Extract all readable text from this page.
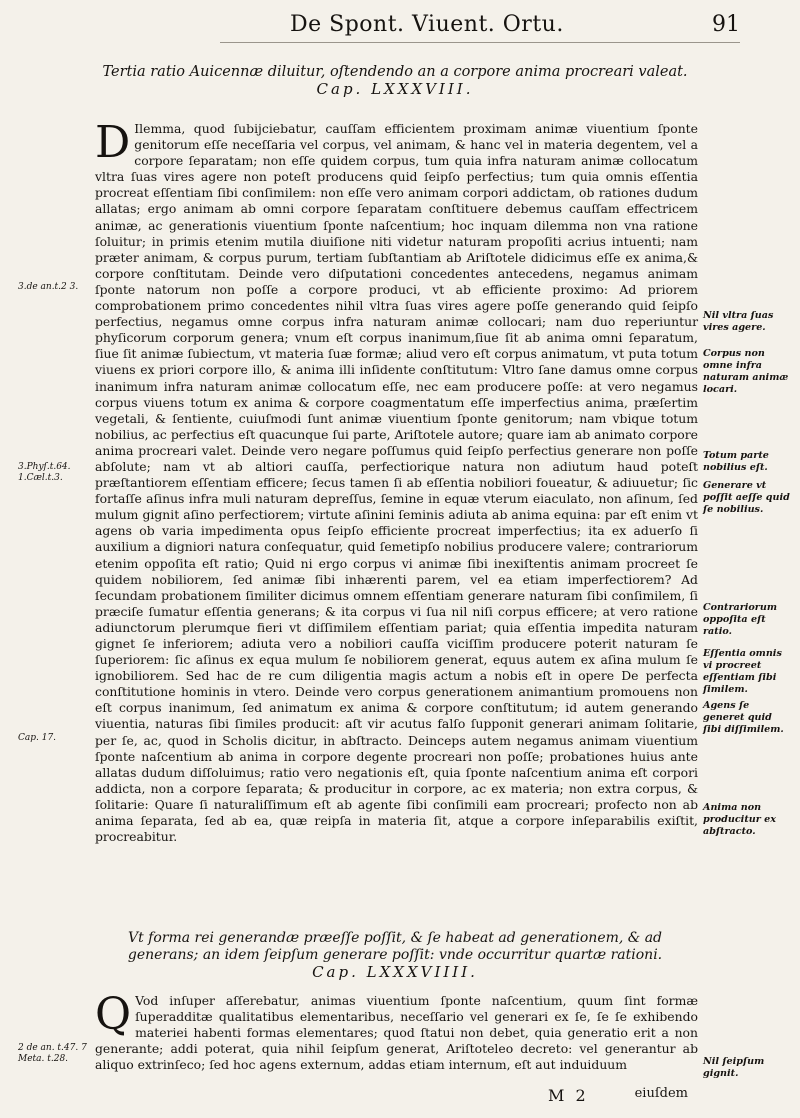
De Spont. Viuent. Ortu.	91
Tertia ratio Auicennæ diluitur, oſtendendo an a corpore anima procreari valeat.
Cap. LXXXVIII.

D Ilemma, quod ſubijciebatur, cauſſam efficientem proximam animæ viuentium ſponte genitorum eſſe neceſſaria vel corpus, vel animam, & hanc vel in materia degentem, vel a corpore ſeparatam; non eſſe quidem corpus, tum quia infra naturam animæ collocatum vltra ſuas vires agere non poteſt producens quid ſeipſo perfectius; tum quia omnis eſſentia procreat eſſentiam ſibi conſimilem: non eſſe vero animam corpori addictam, ob rationes dudum allatas; ergo animam ab omni corpore ſeparatam conſtituere debemus cauſſam effectricem animæ, ac generationis viuentium ſponte naſcentium; hoc inquam dilemma non vna ratione ſoluitur; in primis etenim mutila diuiſione niti videtur naturam propoſiti acrius intuenti; nam præter animam, & corpus purum, tertiam ſubſtantiam ab Ariſtotele didicimus eſſe ex anima,& corpore conſtitutam. Deinde vero diſputationi concedentes antecedens, negamus animam ſponte natorum non poſſe a corpore produci, vt ab efficiente proximo: Ad priorem comprobationem primo concedentes nihil vltra ſuas vires agere poſſe generando quid ſeipſo perfectius, negamus omne corpus infra naturam animæ collocari; nam duo reperiuntur phyſicorum corporum genera; vnum eſt corpus inanimum,ſiue ſit ab anima omni ſeparatum, ſiue ſit animæ ſubiectum, vt materia ſuæ formæ; aliud vero eſt corpus animatum, vt puta totum viuens ex priori corpore illo, & anima illi inſidente conſtitutum: Vltro ſane damus omne corpus inanimum infra naturam animæ collocatum eſſe, nec eam producere poſſe: at vero negamus corpus viuens totum ex anima & corpore coagmentatum eſſe imperfectius anima, præſertim vegetali, & ſentiente, cuiuſmodi ſunt animæ viuentium ſponte genitorum; nam vbique totum nobilius, ac perfectius eſt quacunque ſui parte, Ariſtotele autore; quare iam ab animato corpore anima procreari valet. Deinde vero negare poſſumus quid ſeipſo perfectius generare non poſſe abſolute; nam vt ab altiori cauſſa, perfectiorique natura non adiutum haud poteſt præſtantiorem eſſentiam efficere; ſecus tamen ſi ab eſſentia nobiliori foueatur, & adiuuetur; ſic fortaſſe aſinus infra muli naturam depreſſus, ſemine in equæ vterum eiaculato, non aſinum, ſed mulum gignit aſino perfectiorem; virtute aſinini ſeminis adiuta ab anima equina: par eſt enim vt agens ob varia impedimenta opus ſeipſo efficiente procreat imperfectius; ita ex aduerſo ſi auxilium a digniori natura conſequatur, quid ſemetipſo nobilius producere valere; contrariorum etenim oppoſita eſt ratio; Quid ni ergo corpus vi animæ ſibi inexiſtentis animam procreet ſe quidem nobiliorem, ſed animæ ſibi inhærenti parem, vel ea etiam imperfectiorem? Ad ſecundam probationem ſimiliter dicimus omnem eſſentiam generare naturam ſibi conſimilem, ſi præciſe ſumatur eſſentia generans; & ita corpus vi ſua nil niſi corpus efficere; at vero ratione adiunctorum plerumque fieri vt diſſimilem eſſentiam pariat; quia eſſentia impedita naturam gignet ſe inferiorem; adiuta vero a nobiliori cauſſa viciſſim producere poterit naturam ſe ſuperiorem: ſic aſinus ex equa mulum ſe nobiliorem generat, equus autem ex aſina mulum ſe ignobiliorem. Sed hac de re cum diligentia magis actum a nobis eſt in opere De perfecta conſtitutione hominis in vtero. Deinde vero corpus generationem animantium promouens non eſt corpus inanimum, ſed animatum ex anima & corpore conſtitutum; id autem generando viuentia, naturas ſibi ſimiles producit: aſt vir acutus falſo ſupponit generari animam ſolitarie, per ſe, ac, quod in Scholis dicitur, in abſtracto. Deinceps autem negamus animam viuentium ſponte naſcentium ab anima in corpore degente procreari non poſſe; probationes huius ante allatas dudum diſſoluimus; ratio vero negationis eſt, quia ſponte naſcentium anima eſt corpori addicta, non a corpore ſeparata; & producitur in corpore, ac ex materia; non extra corpus, & ſolitarie: Quare ſi naturaliſſimum eſt ab agente ſibi conſimili eam procreari; profecto non ab anima ſeparata, ſed ab ea, quæ reipſa in materia ſit, atque a corpore inſeparabilis exiſtit, procreabitur.

Vt forma rei generandæ præeſſe poſſit, & ſe habeat ad generationem, & ad generans; an idem ſeipſum generare poſſit: vnde occurritur quartæ rationi.
Cap. LXXXVIIII.

Q Vod inſuper aſſerebatur, animas viuentium ſponte naſcentium, quum ſint formæ ſuperadditæ qualitatibus elementaribus, neceſſario vel generari ex ſe, ſe ſe exhibendo materiei habenti formas elementares; quod ſtatui non debet, quia generatio erit a non generante; addi poterat, quia nihil ſeipſum generat, Ariſtoteleo decreto: vel generantur ab aliquo extrinſeco; ſed hoc agens externum, addas etiam internum, eſt aut induiduum

3.de an.t.2 3.
3.Phyſ.t.64. 1.Cæl.t.3.
Cap. 17.
2 de an. t.47. 7 Meta. t.28.
Nil vltra ſuas vires agere.
Corpus non omne infra naturam animæ locari.
Totum parte nobilius eſt.
Generare vt poſſit aeſſe quid ſe nobilius.
Contrariorum oppoſita eſt ratio.
Eſſentia omnis vi procreet eſſentiam ſibi ſimilem.
Agens ſe generet quid ſibi diſſimilem.
Anima non producitur ex abſtracto.
Nil ſeipſum gignit.
M 2	eiuſdem
